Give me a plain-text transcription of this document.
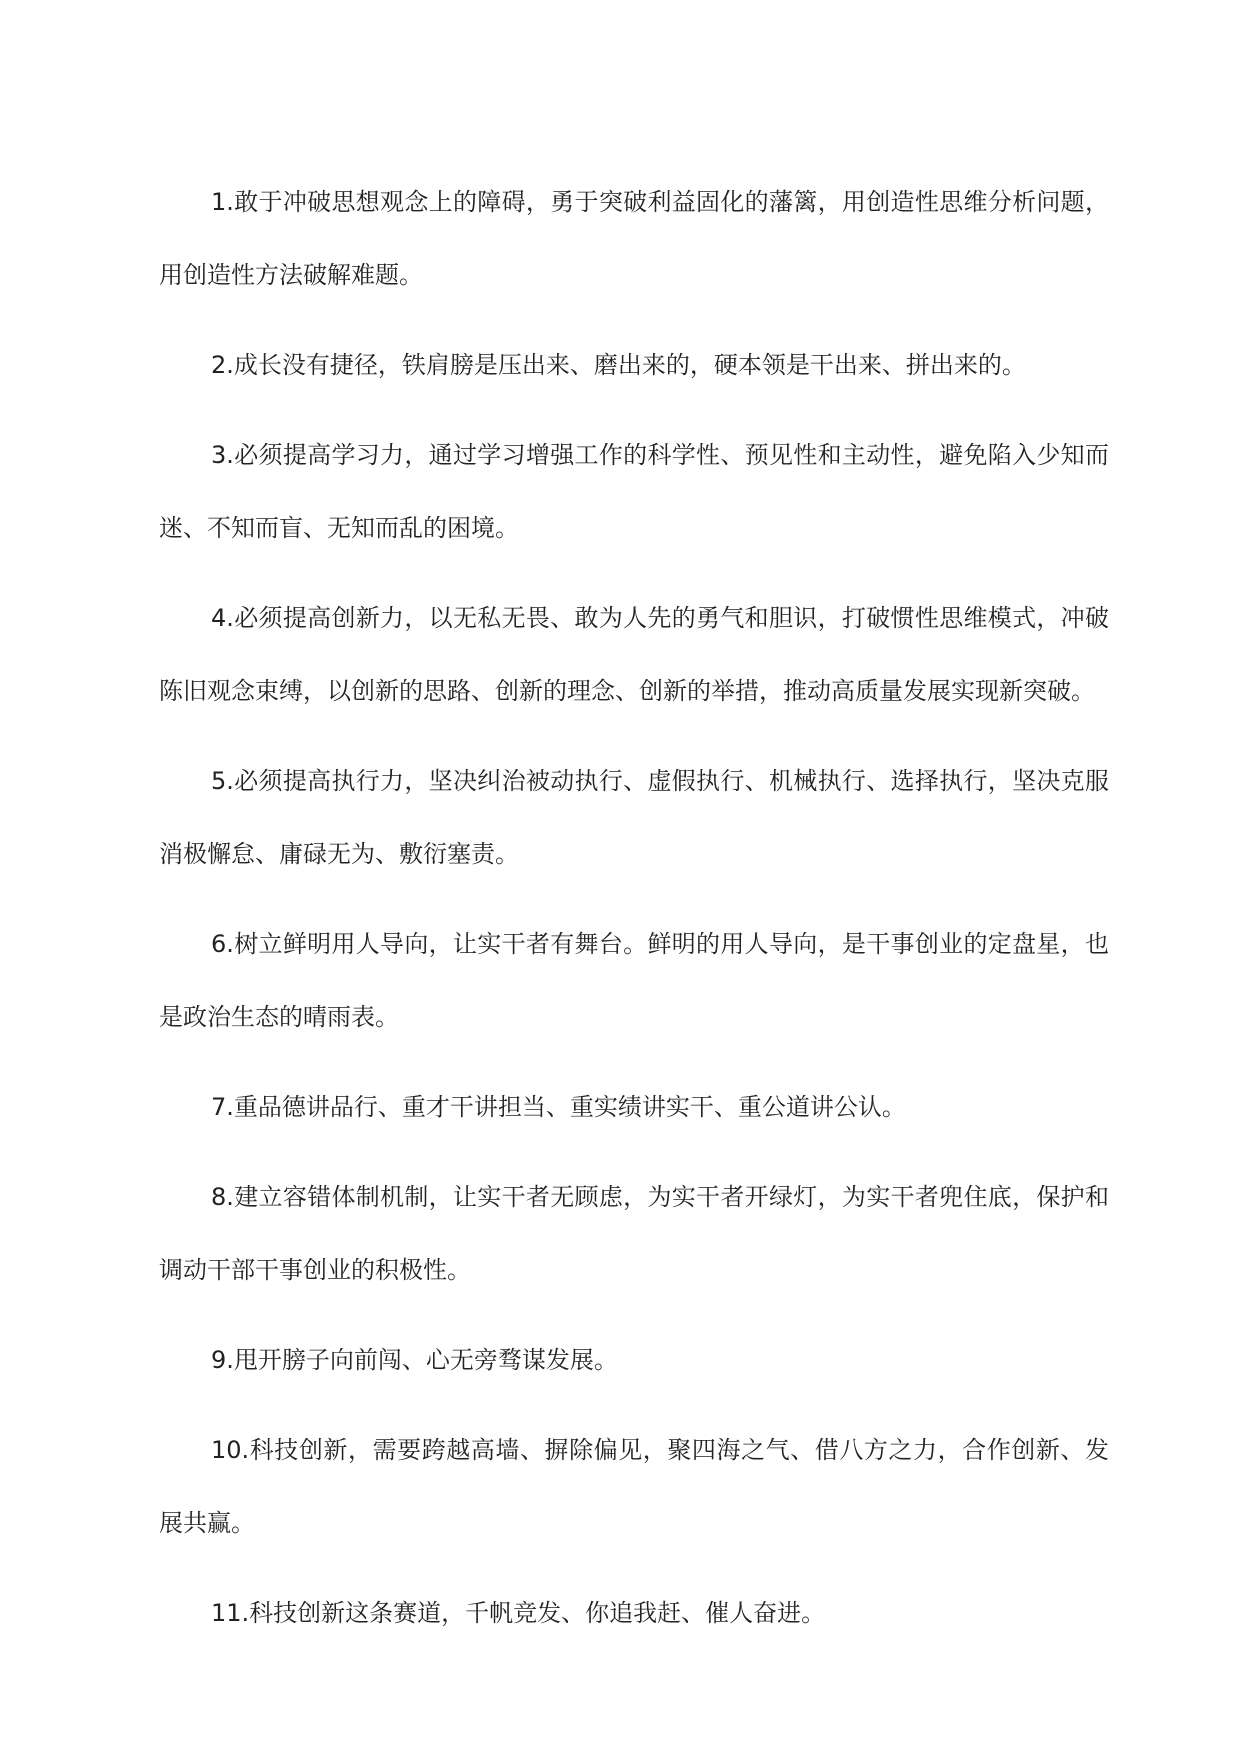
1.敢于冲破思想观念上的障碍，勇于突破利益固化的藩篱，用创造性思维分析问题，用创造性方法破解难题。

2.成长没有捷径，铁肩膀是压出来、磨出来的，硬本领是干出来、拼出来的。

3.必须提高学习力，通过学习增强工作的科学性、预见性和主动性，避免陷入少知而迷、不知而盲、无知而乱的困境。

4.必须提高创新力，以无私无畏、敢为人先的勇气和胆识，打破惯性思维模式，冲破陈旧观念束缚，以创新的思路、创新的理念、创新的举措，推动高质量发展实现新突破。

5.必须提高执行力，坚决纠治被动执行、虚假执行、机械执行、选择执行，坚决克服消极懈怠、庸碌无为、敷衍塞责。

6.树立鲜明用人导向，让实干者有舞台。鲜明的用人导向，是干事创业的定盘星，也是政治生态的晴雨表。

7.重品德讲品行、重才干讲担当、重实绩讲实干、重公道讲公认。

8.建立容错体制机制，让实干者无顾虑，为实干者开绿灯，为实干者兜住底，保护和调动干部干事创业的积极性。

9.甩开膀子向前闯、心无旁骛谋发展。

10.科技创新，需要跨越高墙、摒除偏见，聚四海之气、借八方之力，合作创新、发展共赢。

11.科技创新这条赛道，千帆竞发、你追我赶、催人奋进。
